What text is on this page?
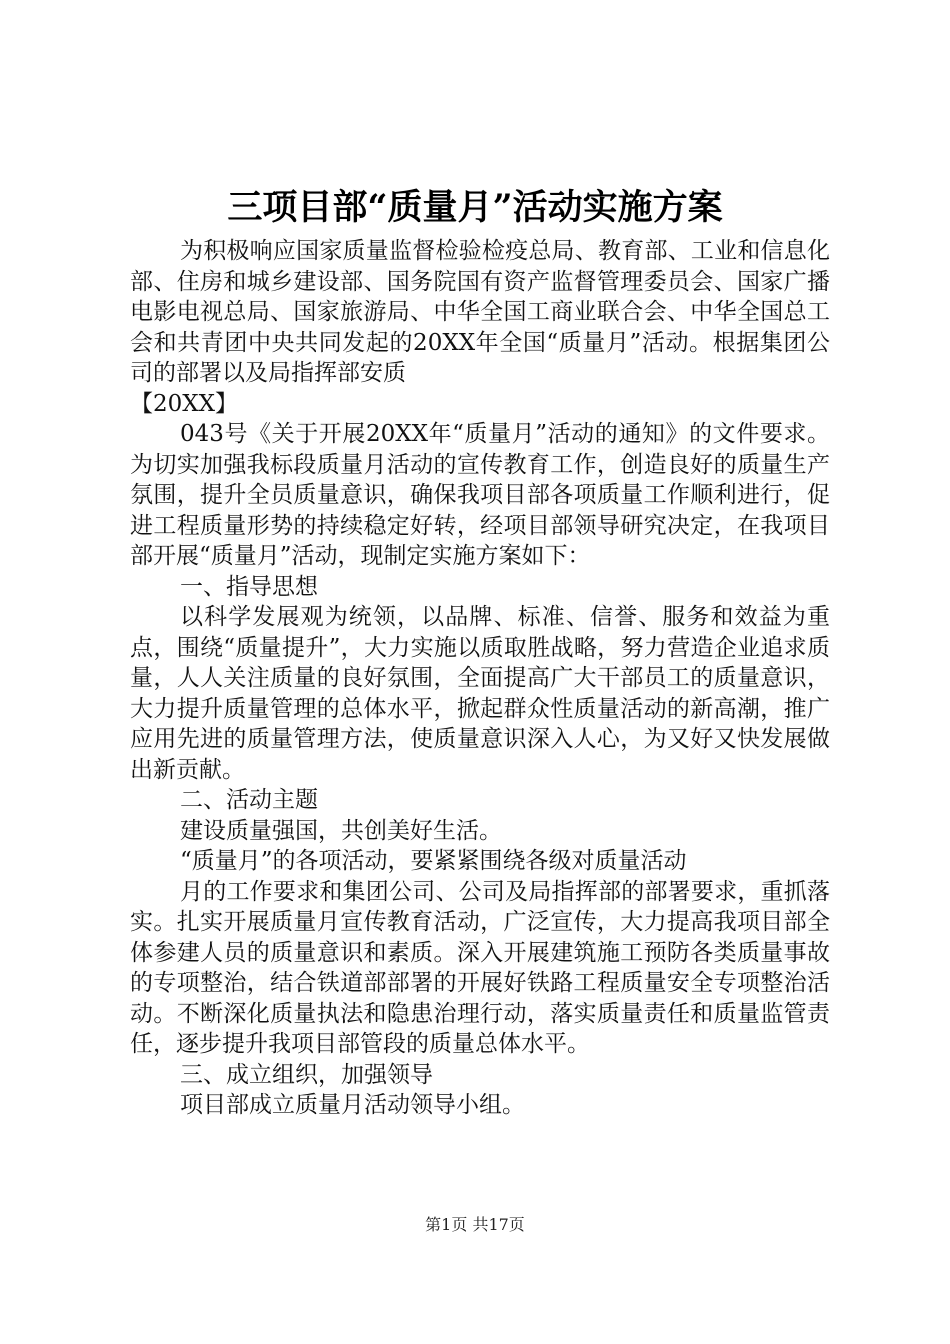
三项目部“质量月”活动实施方案

为积极响应国家质量监督检验检疫总局、教育部、工业和信息化部、住房和城乡建设部、国务院国有资产监督管理委员会、国家广播电影电视总局、国家旅游局、中华全国工商业联合会、中华全国总工会和共青团中央共同发起的20XX年全国“质量月”活动。根据集团公司的部署以及局指挥部安质

【20XX】

043号《关于开展20XX年“质量月”活动的通知》的文件要求。为切实加强我标段质量月活动的宣传教育工作，创造良好的质量生产氛围，提升全员质量意识，确保我项目部各项质量工作顺利进行，促进工程质量形势的持续稳定好转，经项目部领导研究决定，在我项目部开展“质量月”活动，现制定实施方案如下：

一、指导思想

以科学发展观为统领，以品牌、标准、信誉、服务和效益为重点，围绕“质量提升”，大力实施以质取胜战略，努力营造企业追求质量，人人关注质量的良好氛围，全面提高广大干部员工的质量意识，大力提升质量管理的总体水平，掀起群众性质量活动的新高潮，推广应用先进的质量管理方法，使质量意识深入人心，为又好又快发展做出新贡献。

二、活动主题

建设质量强国，共创美好生活。

“质量月”的各项活动，要紧紧围绕各级对质量活动

月的工作要求和集团公司、公司及局指挥部的部署要求，重抓落实。扎实开展质量月宣传教育活动，广泛宣传，大力提高我项目部全体参建人员的质量意识和素质。深入开展建筑施工预防各类质量事故的专项整治，结合铁道部部署的开展好铁路工程质量安全专项整治活动。不断深化质量执法和隐患治理行动，落实质量责任和质量监管责任，逐步提升我项目部管段的质量总体水平。

三、成立组织，加强领导

项目部成立质量月活动领导小组。

第1页 共17页
